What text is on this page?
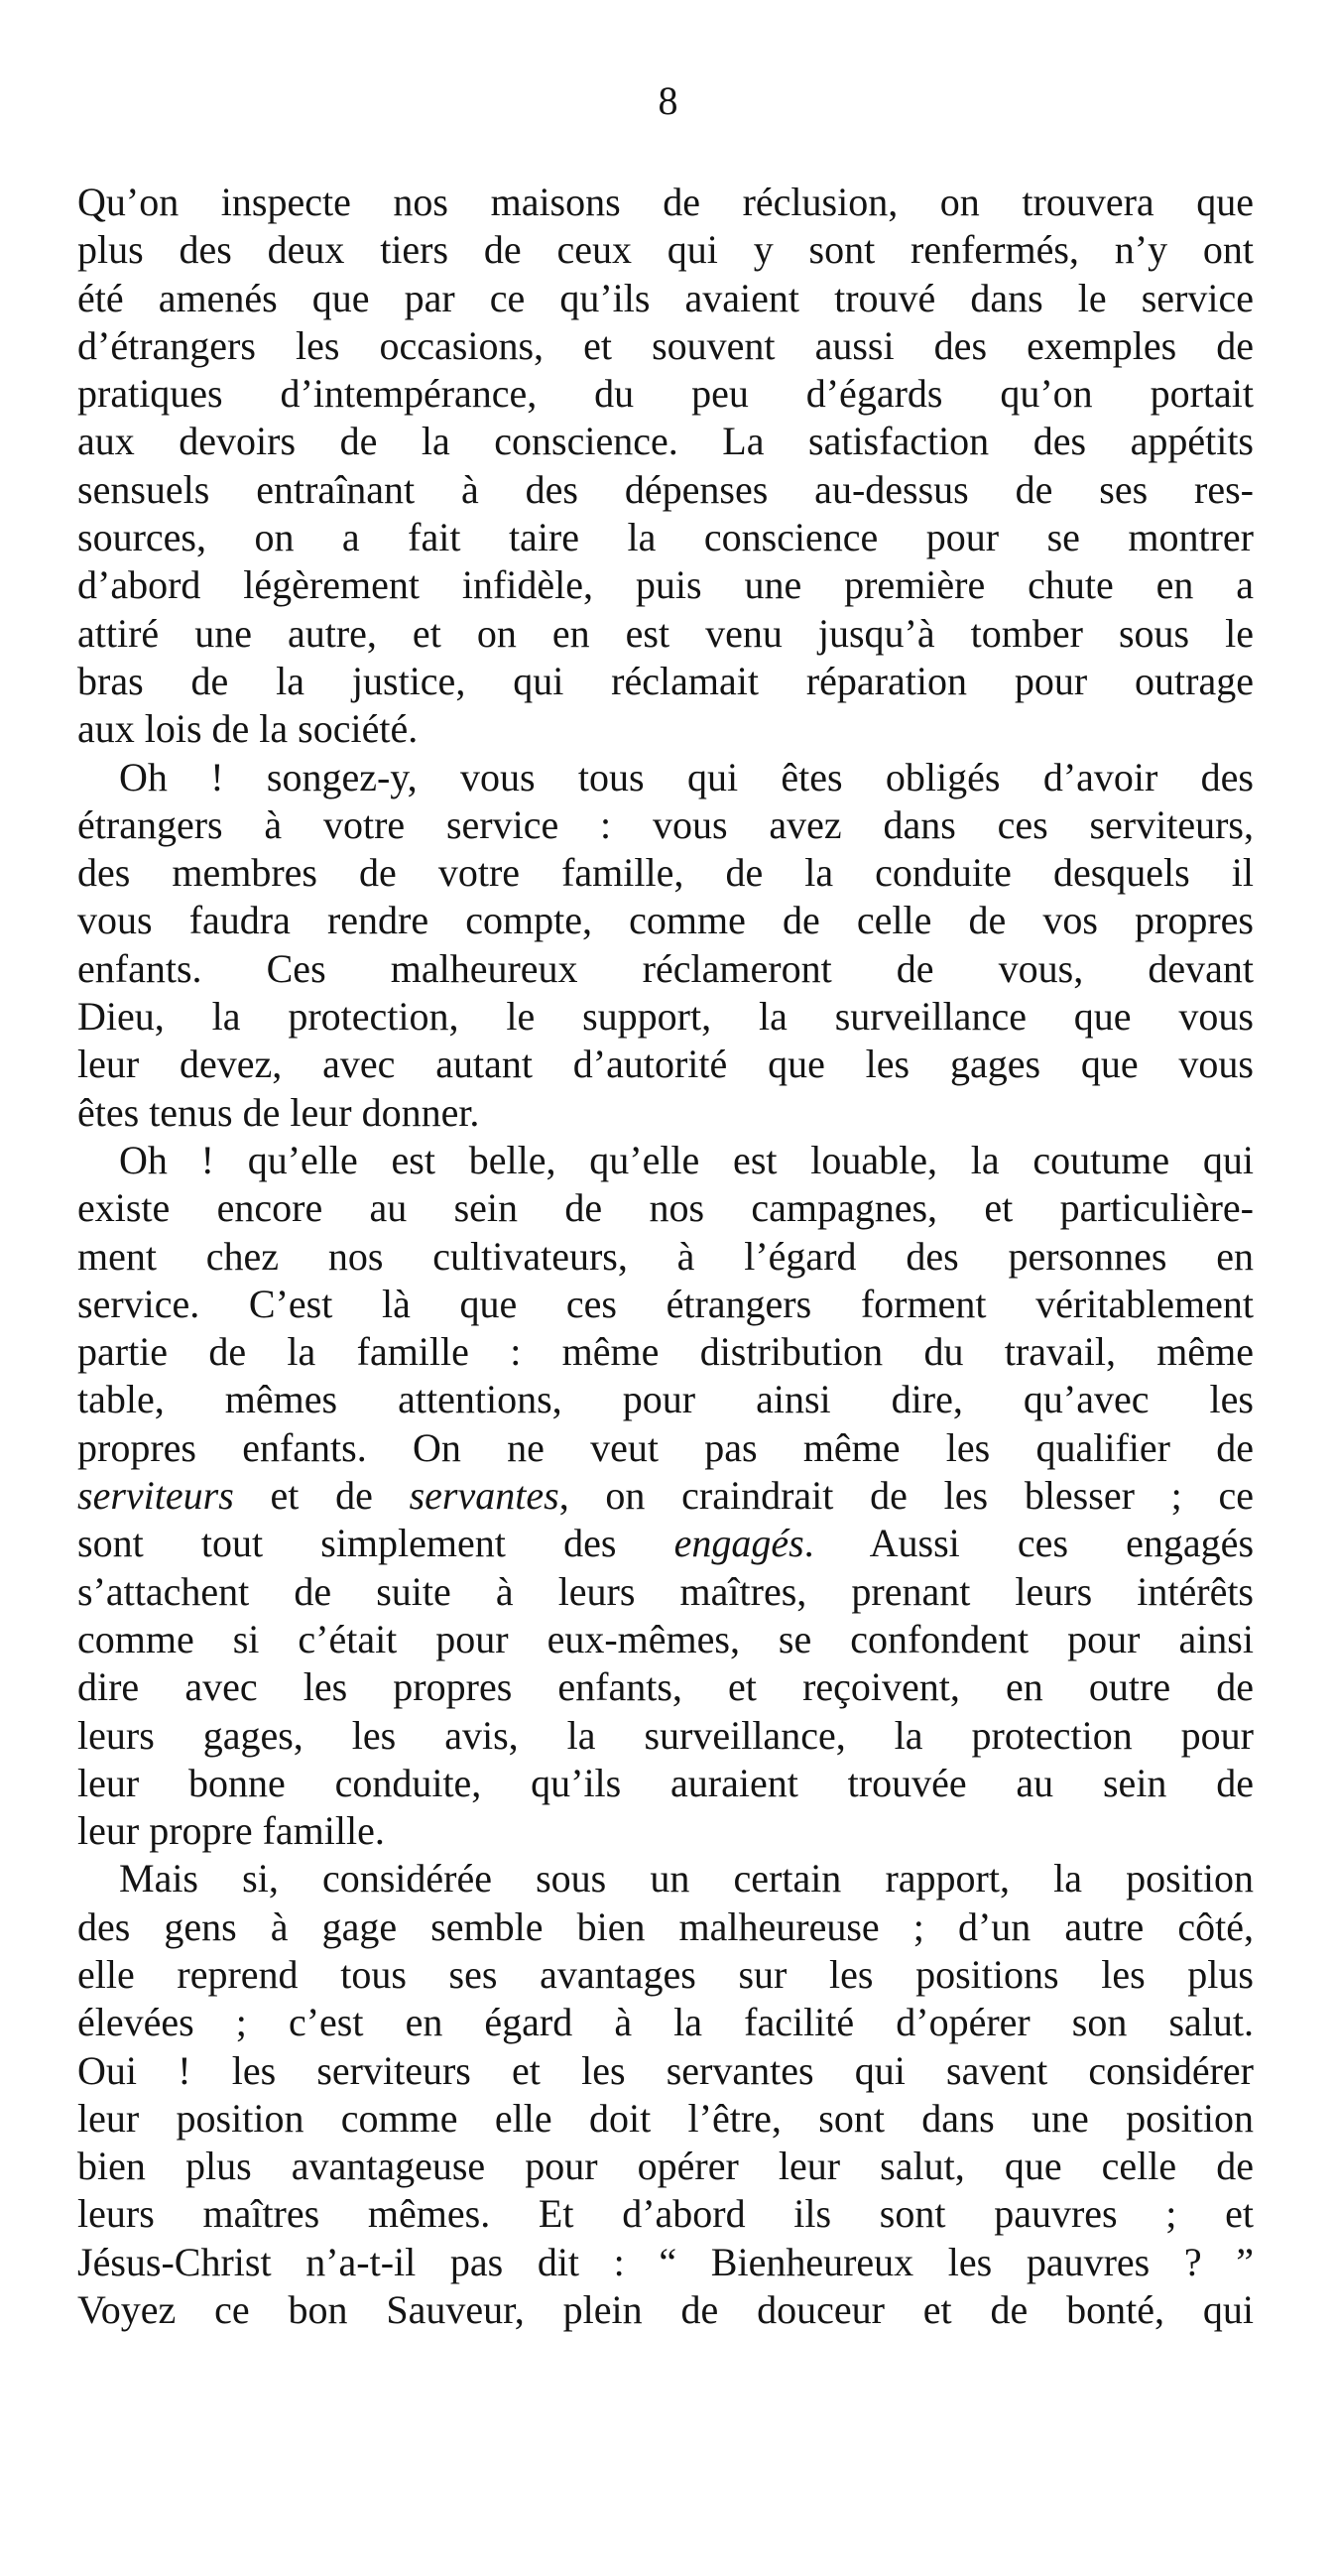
8
Qu’on inspecte nos maisons de réclusion, on trouvera que
plus des deux tiers de ceux qui y sont renfermés, n’y ont
été amenés que par ce qu’ils avaient trouvé dans le service
d’étrangers les occasions, et souvent aussi des exemples de
pratiques d’intempérance, du peu d’égards qu’on portait
aux devoirs de la conscience. La satisfaction des appétits
sensuels entraînant à des dépenses au-dessus de ses res-
sources, on a fait taire la conscience pour se montrer
d’abord légèrement infidèle, puis une première chute en a
attiré une autre, et on en est venu jusqu’à tomber sous le
bras de la justice, qui réclamait réparation pour outrage
aux lois de la société.
Oh ! songez-y, vous tous qui êtes obligés d’avoir des
étrangers à votre service : vous avez dans ces serviteurs,
des membres de votre famille, de la conduite desquels il
vous faudra rendre compte, comme de celle de vos propres
enfants. Ces malheureux réclameront de vous, devant
Dieu, la protection, le support, la surveillance que vous
leur devez, avec autant d’autorité que les gages que vous
êtes tenus de leur donner.
Oh ! qu’elle est belle, qu’elle est louable, la coutume qui
existe encore au sein de nos campagnes, et particulière-
ment chez nos cultivateurs, à l’égard des personnes en
service. C’est là que ces étrangers forment véritablement
partie de la famille : même distribution du travail, même
table, mêmes attentions, pour ainsi dire, qu’avec les
propres enfants. On ne veut pas même les qualifier de
serviteurs et de servantes, on craindrait de les blesser ; ce
sont tout simplement des engagés. Aussi ces engagés
s’attachent de suite à leurs maîtres, prenant leurs intérêts
comme si c’était pour eux-mêmes, se confondent pour ainsi
dire avec les propres enfants, et reçoivent, en outre de
leurs gages, les avis, la surveillance, la protection pour
leur bonne conduite, qu’ils auraient trouvée au sein de
leur propre famille.
Mais si, considérée sous un certain rapport, la position
des gens à gage semble bien malheureuse ; d’un autre côté,
elle reprend tous ses avantages sur les positions les plus
élevées ; c’est en égard à la facilité d’opérer son salut.
Oui ! les serviteurs et les servantes qui savent considérer
leur position comme elle doit l’être, sont dans une position
bien plus avantageuse pour opérer leur salut, que celle de
leurs maîtres mêmes. Et d’abord ils sont pauvres ; et
Jésus-Christ n’a-t-il pas dit : “ Bienheureux les pauvres ? ”
Voyez ce bon Sauveur, plein de douceur et de bonté, qui
